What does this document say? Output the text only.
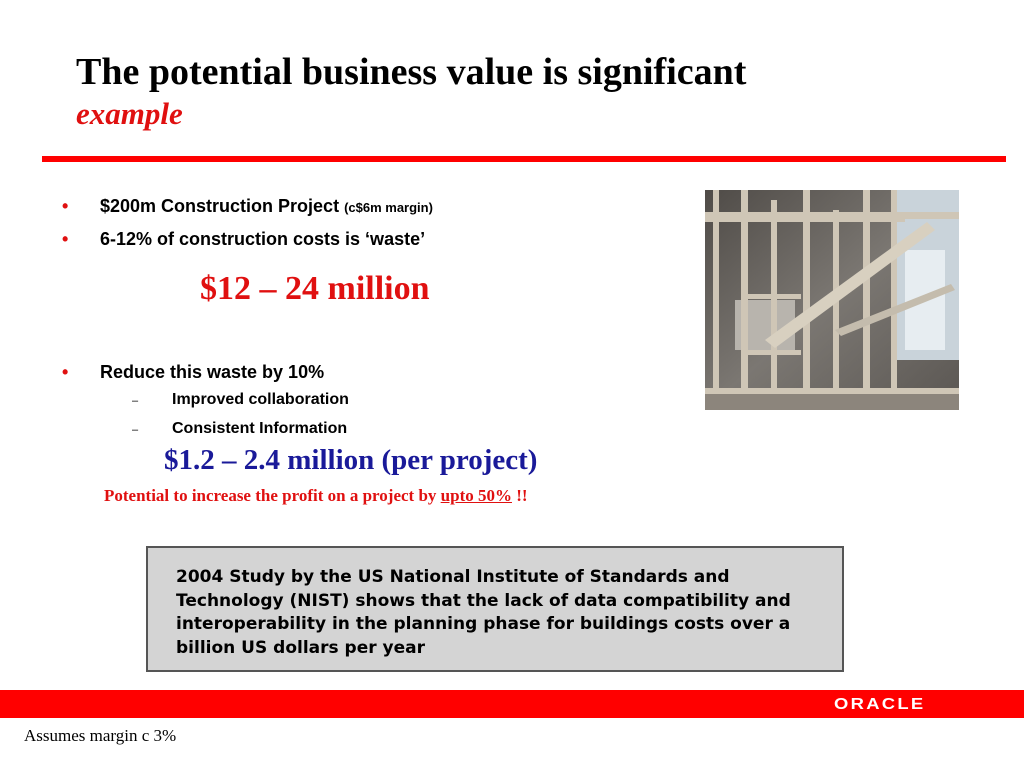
The potential business value is significant
example
• $200m Construction Project (c$6m margin)
• 6-12% of construction costs is ‘waste’
$12 – 24 million
• Reduce this waste by 10%
– Improved collaboration
– Consistent Information
$1.2 – 2.4 million (per project)
Potential to increase the profit on a project by upto 50% !!

2004 Study by the US National Institute of Standards and Technology (NIST) shows that the lack of data compatibility and interoperability in the planning phase for buildings costs over a billion US dollars per year

ORACLE
Assumes margin c 3%
